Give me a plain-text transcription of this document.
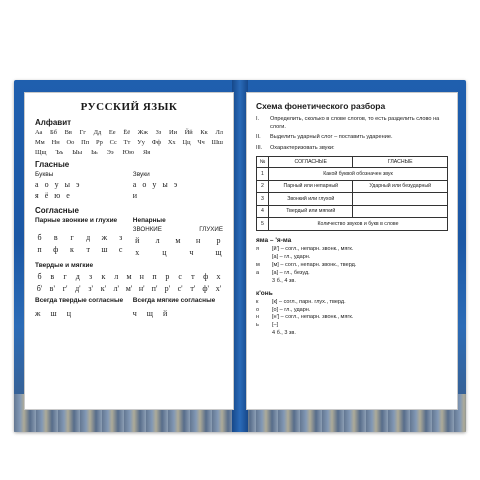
РУССКИЙ ЯЗЫК
Алфавит
Аа Бб Вв Гг Дд Ее Ёё Жж Зз Ии Йй Кк Лл
Мм Нн Оо Пп Рр Сс Тт Уу Фф Хх Цц Чч Шш
Щщ Ъъ Ыы Ьь Ээ Юю Яя
Гласные
Буквы
а о у ы э
я ё ю е
Звуки
а о у ы э
и
Согласные
Парные звонкие и глухие
б	в	г	д	ж	з
п ф	к	т	ш	с
Непарные
ЗВОНКИЕ	ГЛУХИЕ
й	л	м н	р
х	ц	ч	щ
Твердые и мягкие
б	в	г	д	з	к	л	м н п	р	с	т	ф	х
б' в' г' д' з' к' л' м' н' п' р' с' т' ф' х'
Всегда твердые согласные
ж ш ц
Всегда мягкие согласные
ч щ й
Схема фонетического разбора
I.	Определить, сколько в слове слогов, то есть разделить слово на слоги.
II.	Выделить ударный слог – поставить ударение.
III.	Охарактеризовать звуки:
№	СОГЛАСНЫЕ	ГЛАСНЫЕ
1	Какой буквой обозначен звук	
2	Парный или непарный	Ударный или безударный
3	Звонкий или глухой	
4	Твердый или мягкий	
5	Количество звуков и букв в слове	
яма – 'я-ма
я	[й'] – согл., непарн. звонк., мягк.
[а] – гл., ударн.
м	[м] – согл., непарн. звонк., тверд.
а	[а] – гл., безуд.
3 б., 4 зв.
к'онь
к	[к] – согл., парн. глух., тверд.
о	[о] – гл., ударн.
н	[н'] – согл., непарн. звонк., мягк.
ь	[–]
4 б., 3 зв.
